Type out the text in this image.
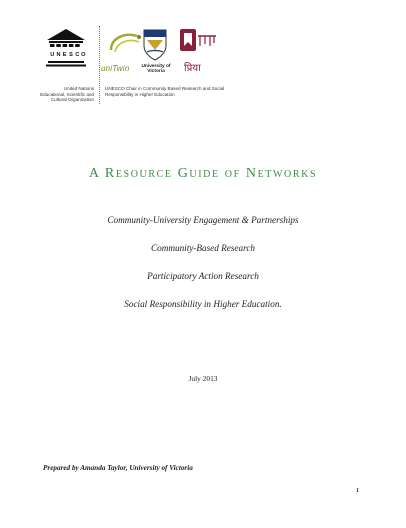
U N E S C O
United Nations Educational, Scientific and Cultural Organization
uniTwin	University of Victoria	प्रिया
UNESCO Chair in Community Based Research and Social Responsibility in Higher Education
A Resource Guide of Networks
Community-University Engagement & Partnerships
Community-Based Research
Participatory Action Research
Social Responsibility in Higher Education.
July 2013
Prepared by Amanda Taylor, University of Victoria
1
